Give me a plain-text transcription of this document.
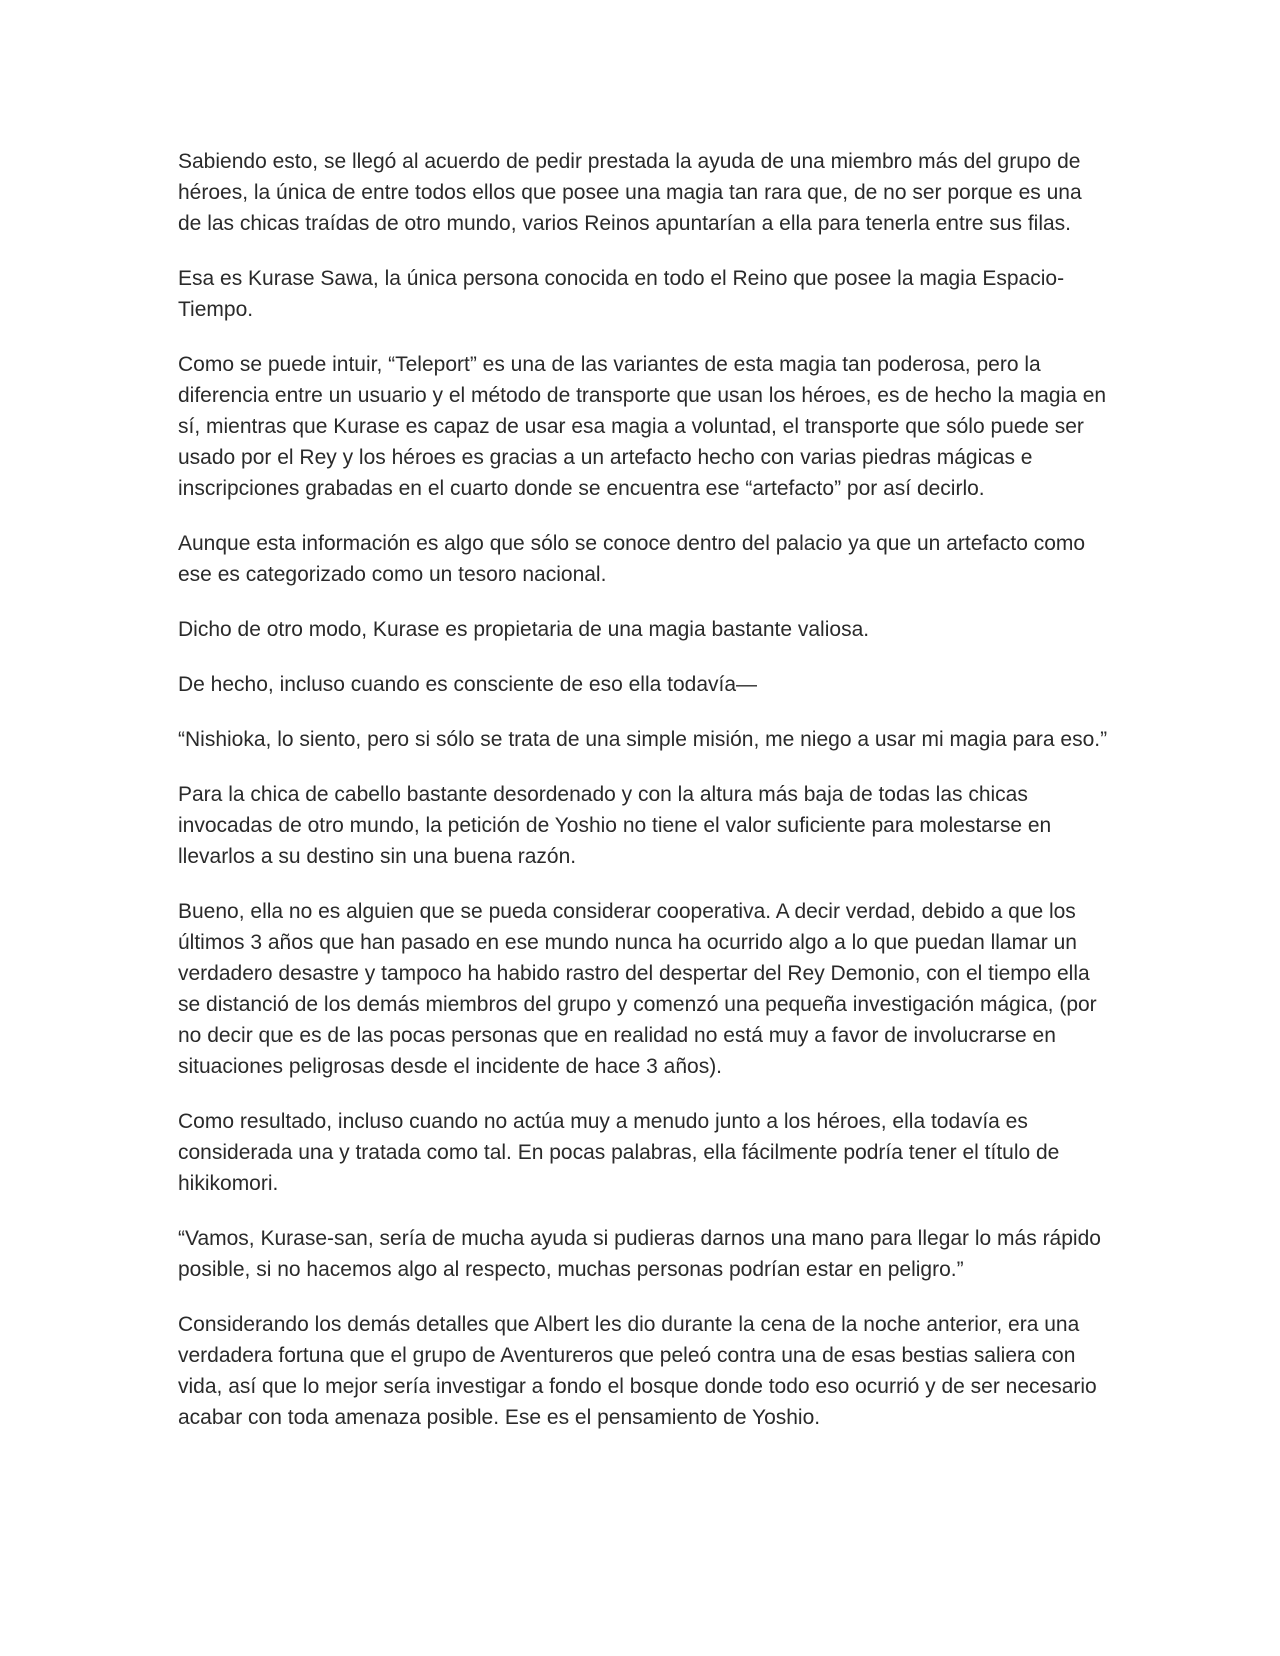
Sabiendo esto, se llegó al acuerdo de pedir prestada la ayuda de una miembro más del grupo de héroes, la única de entre todos ellos que posee una magia tan rara que, de no ser porque es una de las chicas traídas de otro mundo, varios Reinos apuntarían a ella para tenerla entre sus filas.

Esa es Kurase Sawa, la única persona conocida en todo el Reino que posee la magia Espacio-Tiempo.

Como se puede intuir, “Teleport” es una de las variantes de esta magia tan poderosa, pero la diferencia entre un usuario y el método de transporte que usan los héroes, es de hecho la magia en sí, mientras que Kurase es capaz de usar esa magia a voluntad, el transporte que sólo puede ser usado por el Rey y los héroes es gracias a un artefacto hecho con varias piedras mágicas e inscripciones grabadas en el cuarto donde se encuentra ese “artefacto” por así decirlo.

Aunque esta información es algo que sólo se conoce dentro del palacio ya que un artefacto como ese es categorizado como un tesoro nacional.

Dicho de otro modo, Kurase es propietaria de una magia bastante valiosa.

De hecho, incluso cuando es consciente de eso ella todavía—

“Nishioka, lo siento, pero si sólo se trata de una simple misión, me niego a usar mi magia para eso.”

Para la chica de cabello bastante desordenado y con la altura más baja de todas las chicas invocadas de otro mundo, la petición de Yoshio no tiene el valor suficiente para molestarse en llevarlos a su destino sin una buena razón.

Bueno, ella no es alguien que se pueda considerar cooperativa. A decir verdad, debido a que los últimos 3 años que han pasado en ese mundo nunca ha ocurrido algo a lo que puedan llamar un verdadero desastre y tampoco ha habido rastro del despertar del Rey Demonio, con el tiempo ella se distanció de los demás miembros del grupo y comenzó una pequeña investigación mágica, (por no decir que es de las pocas personas que en realidad no está muy a favor de involucrarse en situaciones peligrosas desde el incidente de hace 3 años).

Como resultado, incluso cuando no actúa muy a menudo junto a los héroes, ella todavía es considerada una y tratada como tal. En pocas palabras, ella fácilmente podría tener el título de hikikomori.

“Vamos, Kurase-san, sería de mucha ayuda si pudieras darnos una mano para llegar lo más rápido posible, si no hacemos algo al respecto, muchas personas podrían estar en peligro.”

Considerando los demás detalles que Albert les dio durante la cena de la noche anterior, era una verdadera fortuna que el grupo de Aventureros que peleó contra una de esas bestias saliera con vida, así que lo mejor sería investigar a fondo el bosque donde todo eso ocurrió y de ser necesario acabar con toda amenaza posible. Ese es el pensamiento de Yoshio.
